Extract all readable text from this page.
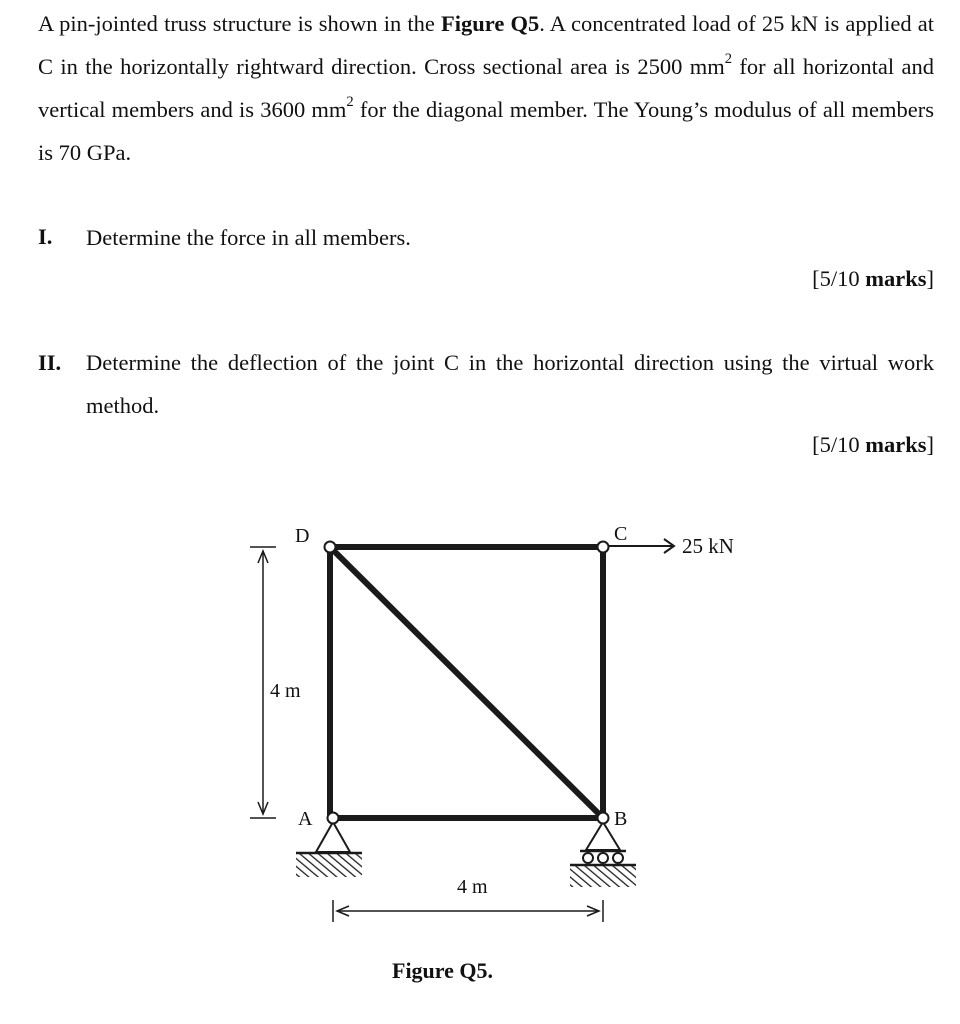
A pin-jointed truss structure is shown in the Figure Q5. A concentrated load of 25 kN is applied at C in the horizontally rightward direction. Cross sectional area is 2500 $mm^2$ for all horizontal and vertical members and is 3600 $mm^2$ for the diagonal member. The Young’s modulus of all members is 70 GPa.

I. Determine the force in all members.

[5/10 marks]
II. Determine the deflection of the joint C in the horizontal direction using the virtual work method.

[5/10 marks]
D	C
A	B
25 kN
4 m
4 m
Figure Q5.
